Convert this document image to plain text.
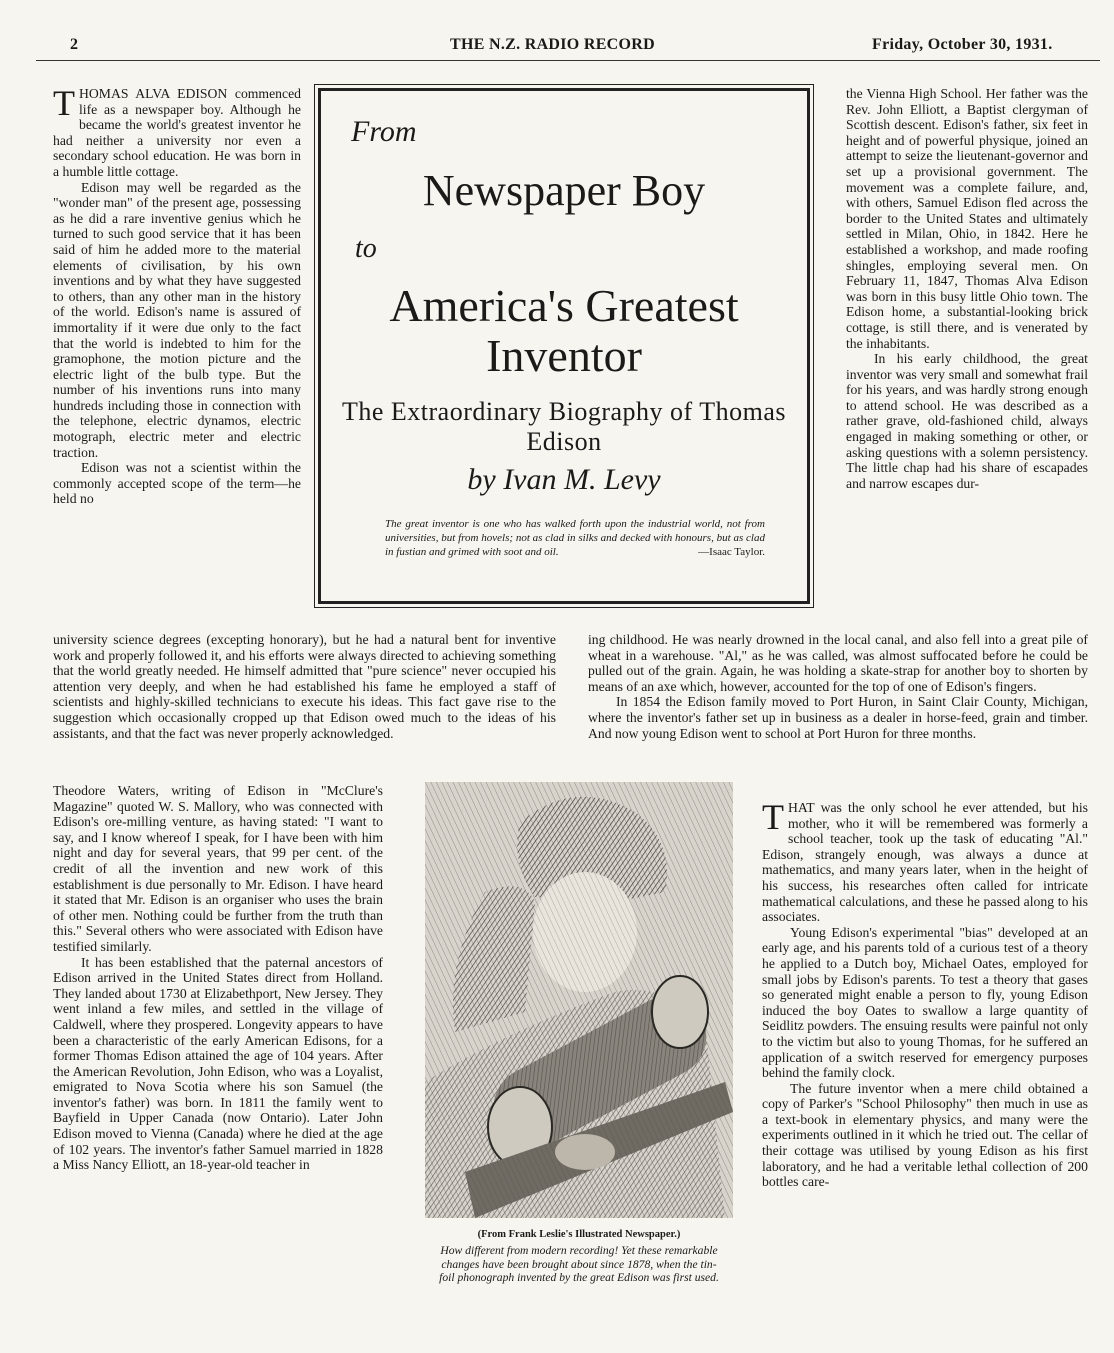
2	THE N.Z. RADIO RECORD	Friday, October 30, 1931.

THOMAS ALVA EDISON commenced life as a newspaper boy. Although he became the world's greatest inventor he had neither a university nor even a secondary school education. He was born in a humble little cottage.

Edison may well be regarded as the "wonder man" of the present age, possessing as he did a rare inventive genius which he turned to such good service that it has been said of him he added more to the material elements of civilisation, by his own inventions and by what they have suggested to others, than any other man in the history of the world. Edison's name is assured of immortality if it were due only to the fact that the world is indebted to him for the gramophone, the motion picture and the electric light of the bulb type. But the number of his inventions runs into many hundreds including those in connection with the telephone, electric dynamos, electric motograph, electric meter and electric traction.

Edison was not a scientist within the commonly accepted scope of the term—he held no

From
Newspaper Boy
to
America's Greatest Inventor
The Extraordinary Biography of Thomas Edison
by Ivan M. Levy
The great inventor is one who has walked forth upon the industrial world, not from universities, but from hovels; not as clad in silks and decked with honours, but as clad in fustian and grimed with soot and oil.	—Isaac Taylor.

the Vienna High School. Her father was the Rev. John Elliott, a Baptist clergyman of Scottish descent. Edison's father, six feet in height and of powerful physique, joined an attempt to seize the lieutenant-governor and set up a provisional government. The movement was a complete failure, and, with others, Samuel Edison fled across the border to the United States and ultimately settled in Milan, Ohio, in 1842. Here he established a workshop, and made roofing shingles, employing several men. On February 11, 1847, Thomas Alva Edison was born in this busy little Ohio town. The Edison home, a substantial-looking brick cottage, is still there, and is venerated by the inhabitants.

In his early childhood, the great inventor was very small and somewhat frail for his years, and was hardly strong enough to attend school. He was described as a rather grave, old-fashioned child, always engaged in making something or other, or asking questions with a solemn persistency. The little chap had his share of escapades and narrow escapes dur-

university science degrees (excepting honorary), but he had a natural bent for inventive work and properly followed it, and his efforts were always directed to achieving something that the world greatly needed. He himself admitted that "pure science" never occupied his attention very deeply, and when he had established his fame he employed a staff of scientists and highly-skilled technicians to execute his ideas. This fact gave rise to the suggestion which occasionally cropped up that Edison owed much to the ideas of his assistants, and that the fact was never properly acknowledged.

ing childhood. He was nearly drowned in the local canal, and also fell into a great pile of wheat in a warehouse. "Al," as he was called, was almost suffocated before he could be pulled out of the grain. Again, he was holding a skate-strap for another boy to shorten by means of an axe which, however, accounted for the top of one of Edison's fingers.

In 1854 the Edison family moved to Port Huron, in Saint Clair County, Michigan, where the inventor's father set up in business as a dealer in horse-feed, grain and timber. And now young Edison went to school at Port Huron for three months.

Theodore Waters, writing of Edison in "McClure's Magazine" quoted W. S. Mallory, who was connected with Edison's ore-milling venture, as having stated: "I want to say, and I know whereof I speak, for I have been with him night and day for several years, that 99 per cent. of the credit of all the invention and new work of this establishment is due personally to Mr. Edison. I have heard it stated that Mr. Edison is an organiser who uses the brain of other men. Nothing could be further from the truth than this." Several others who were associated with Edison have testified similarly.

It has been established that the paternal ancestors of Edison arrived in the United States direct from Holland. They landed about 1730 at Elizabethport, New Jersey. They went inland a few miles, and settled in the village of Caldwell, where they prospered. Longevity appears to have been a characteristic of the early American Edisons, for a former Thomas Edison attained the age of 104 years. After the American Revolution, John Edison, who was a Loyalist, emigrated to Nova Scotia where his son Samuel (the inventor's father) was born. In 1811 the family went to Bayfield in Upper Canada (now Ontario). Later John Edison moved to Vienna (Canada) where he died at the age of 102 years. The inventor's father Samuel married in 1828 a Miss Nancy Elliott, an 18-year-old teacher in

(From Frank Leslie's Illustrated Newspaper.)
How different from modern recording! Yet these remarkable changes have been brought about since 1878, when the tin-foil phonograph invented by the great Edison was first used.

THAT was the only school he ever attended, but his mother, who it will be remembered was formerly a school teacher, took up the task of educating "Al." Edison, strangely enough, was always a dunce at mathematics, and many years later, when in the height of his success, his researches often called for intricate mathematical calculations, and these he passed along to his associates.

Young Edison's experimental "bias" developed at an early age, and his parents told of a curious test of a theory he applied to a Dutch boy, Michael Oates, employed for small jobs by Edison's parents. To test a theory that gases so generated might enable a person to fly, young Edison induced the boy Oates to swallow a large quantity of Seidlitz powders. The ensuing results were painful not only to the victim but also to young Thomas, for he suffered an application of a switch reserved for emergency purposes behind the family clock.

The future inventor when a mere child obtained a copy of Parker's "School Philosophy" then much in use as a text-book in elementary physics, and many were the experiments outlined in it which he tried out. The cellar of their cottage was utilised by young Edison as his first laboratory, and he had a veritable lethal collection of 200 bottles care-
